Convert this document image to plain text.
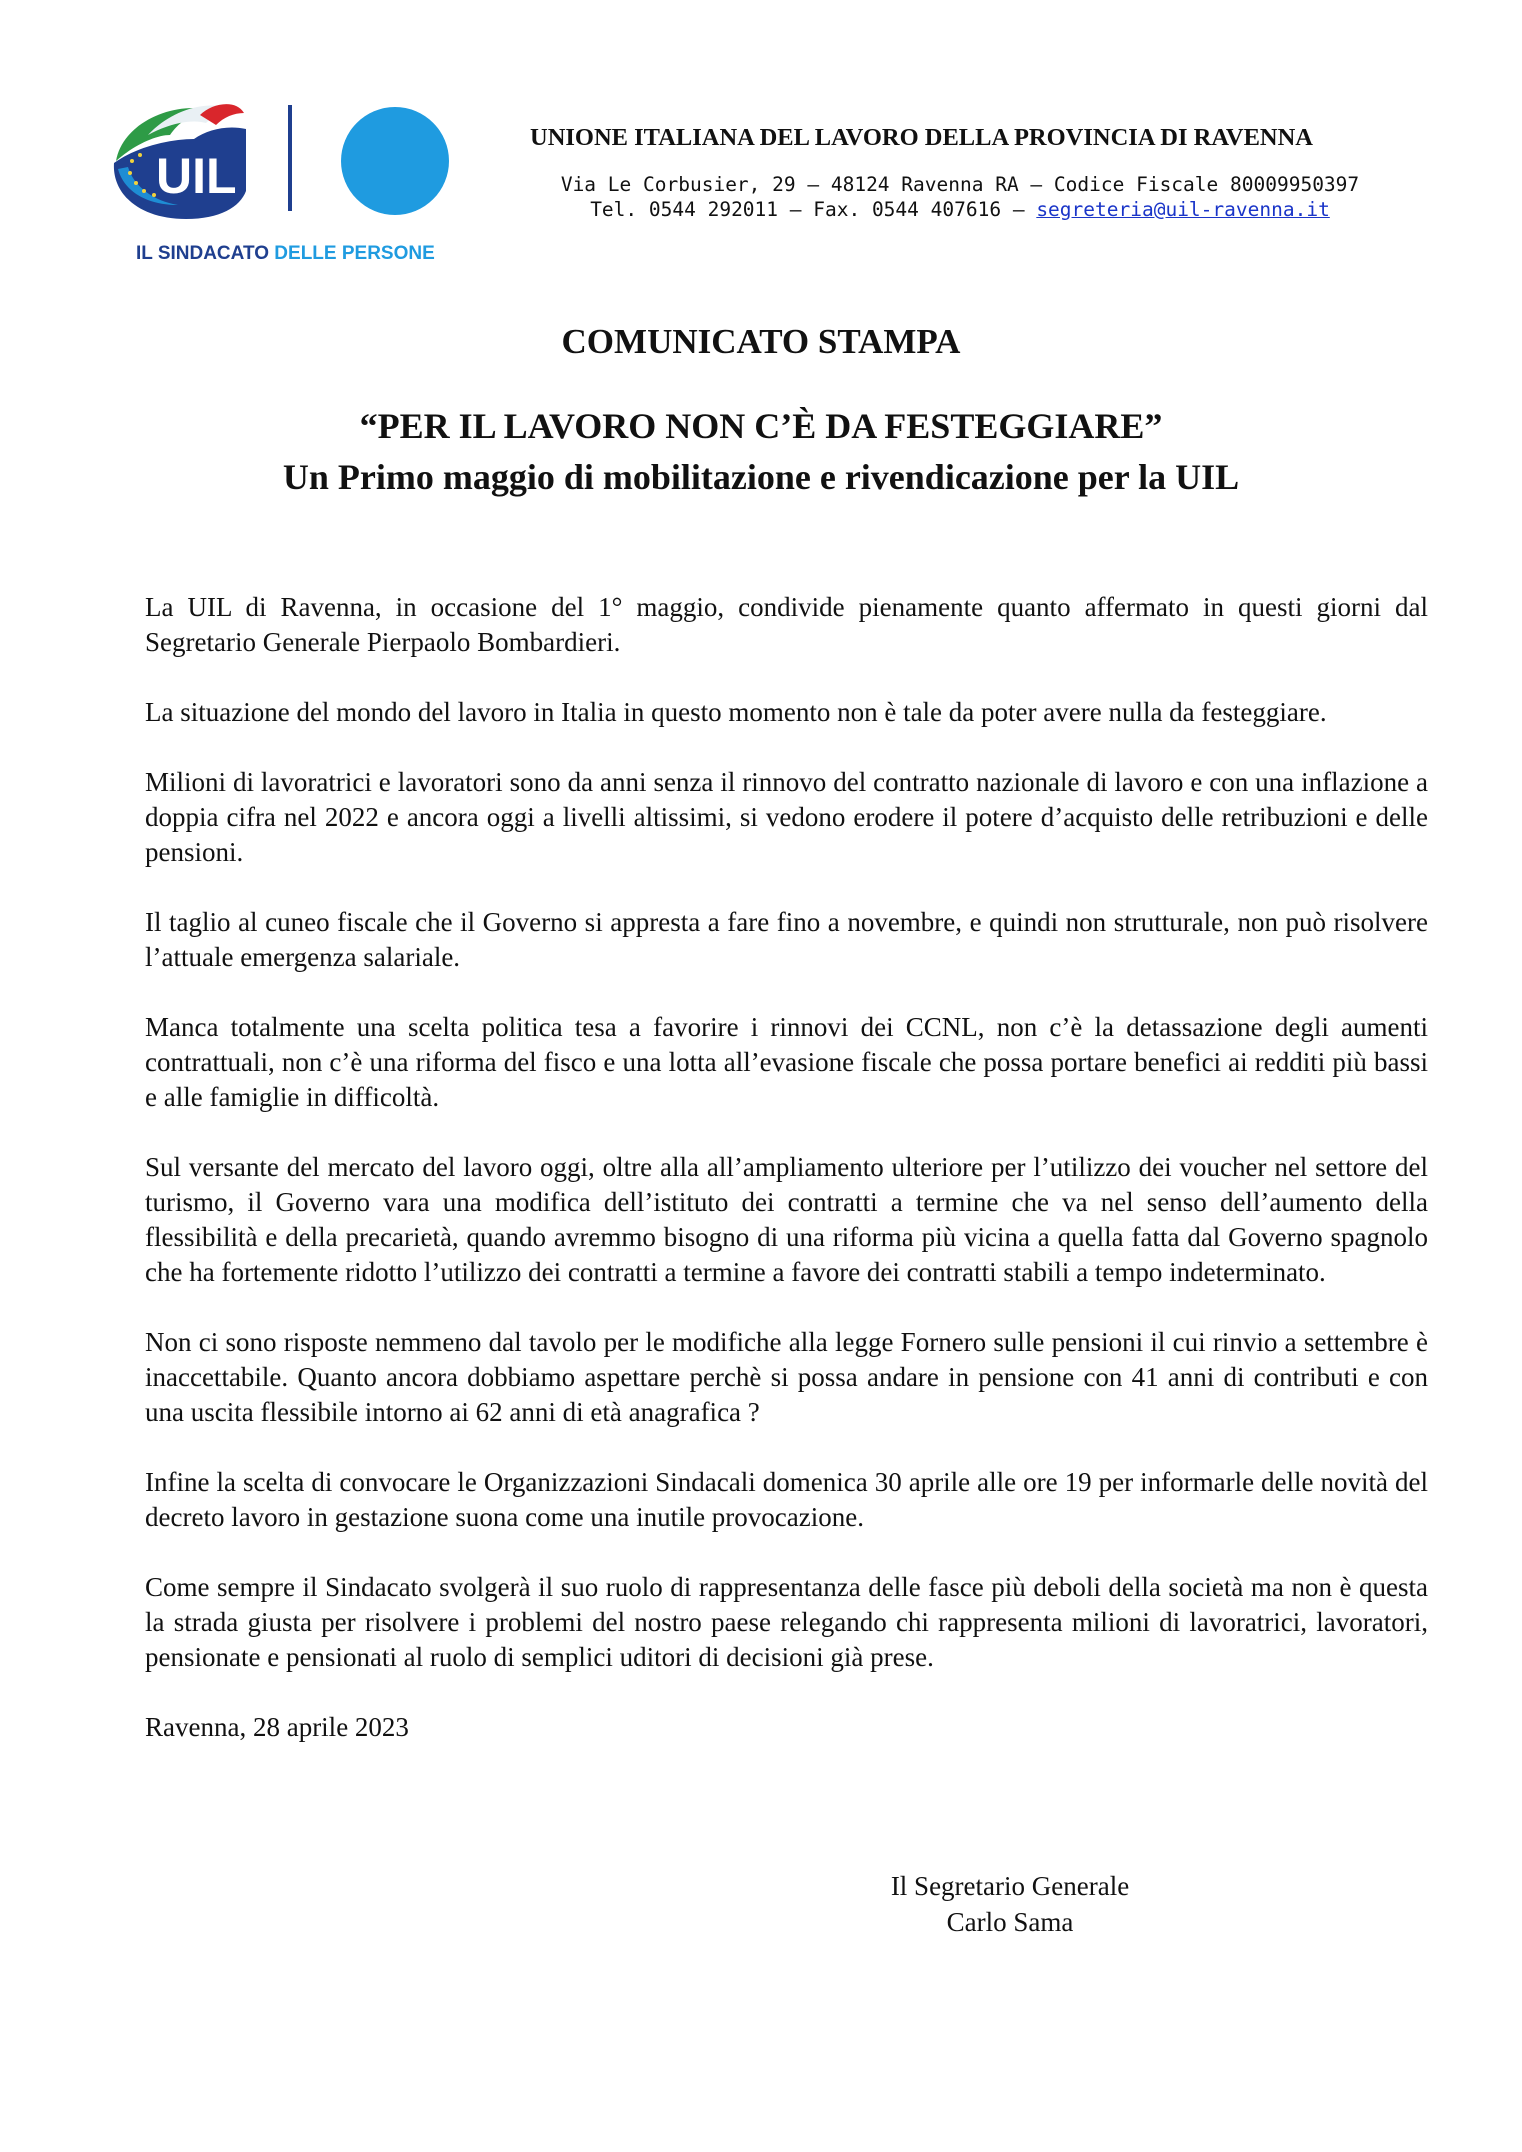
UIL
IL SINDACATO DELLE PERSONE
UNIONE ITALIANA DEL LAVORO DELLA PROVINCIA DI RAVENNA
Via Le Corbusier, 29 – 48124 Ravenna RA – Codice Fiscale 80009950397
Tel. 0544 292011 – Fax. 0544 407616 – segreteria@uil-ravenna.it
COMUNICATO STAMPA
“PER IL LAVORO NON C’È DA FESTEGGIARE”
Un Primo maggio di mobilitazione e rivendicazione per la UIL

La UIL di Ravenna, in occasione del 1° maggio, condivide pienamente quanto affermato in questi giorni dal Segretario Generale Pierpaolo Bombardieri.

La situazione del mondo del lavoro in Italia in questo momento non è tale da poter avere nulla da festeggiare.

Milioni di lavoratrici e lavoratori sono da anni senza il rinnovo del contratto nazionale di lavoro e con una inflazione a doppia cifra nel 2022 e ancora oggi a livelli altissimi, si vedono erodere il potere d’acquisto delle retribuzioni e delle pensioni.

Il taglio al cuneo fiscale che il Governo si appresta a fare fino a novembre, e quindi non strutturale, non può risolvere l’attuale emergenza salariale.

Manca totalmente una scelta politica tesa a favorire i rinnovi dei CCNL, non c’è la detassazione degli aumenti contrattuali, non c’è una riforma del fisco e una lotta all’evasione fiscale che possa portare benefici ai redditi più bassi e alle famiglie in difficoltà.

Sul versante del mercato del lavoro oggi, oltre alla all’ampliamento ulteriore per l’utilizzo dei voucher nel settore del turismo, il Governo vara una modifica dell’istituto dei contratti a termine che va nel senso dell’aumento della flessibilità e della precarietà, quando avremmo bisogno di una riforma più vicina a quella fatta dal Governo spagnolo che ha fortemente ridotto l’utilizzo dei contratti a termine a favore dei contratti stabili a tempo indeterminato.

Non ci sono risposte nemmeno dal tavolo per le modifiche alla legge Fornero sulle pensioni il cui rinvio a settembre è inaccettabile. Quanto ancora dobbiamo aspettare perchè si possa andare in pensione con 41 anni di contributi e con una uscita flessibile intorno ai 62 anni di età anagrafica ?

Infine la scelta di convocare le Organizzazioni Sindacali domenica 30 aprile alle ore 19 per informarle delle novità del decreto lavoro in gestazione suona come una inutile provocazione.

Come sempre il Sindacato svolgerà il suo ruolo di rappresentanza delle fasce più deboli della società ma non è questa la strada giusta per risolvere i problemi del nostro paese relegando chi rappresenta milioni di lavoratrici, lavoratori, pensionate e pensionati al ruolo di semplici uditori di decisioni già prese.

Ravenna, 28 aprile 2023

Il Segretario Generale
Carlo Sama
